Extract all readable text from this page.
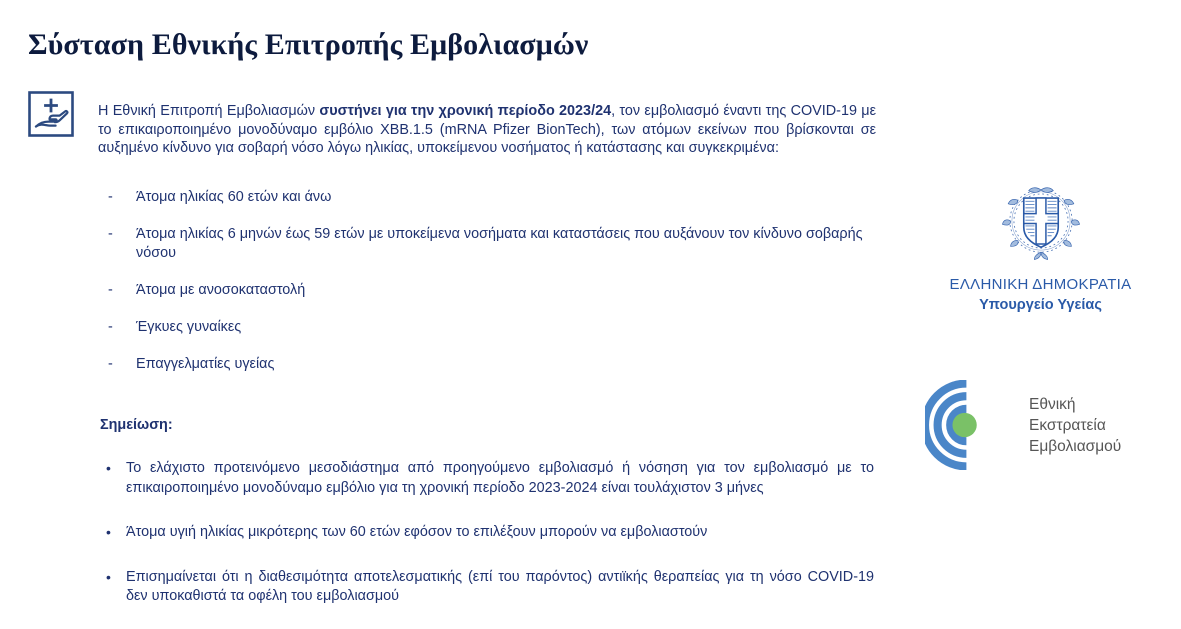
Σύσταση Εθνικής Επιτροπής Εμβολιασμών

Η Εθνική Επιτροπή Εμβολιασμών συστήνει για την χρονική περίοδο 2023/24, τον εμβολιασμό έναντι της COVID-19 με το επικαιροποιημένο μονοδύναμο εμβόλιο XBB.1.5 (mRNA Pfizer BionTech), των ατόμων εκείνων που βρίσκονται σε αυξημένο κίνδυνο για σοβαρή νόσο λόγω ηλικίας, υποκείμενου νοσήματος ή κατάστασης και συγκεκριμένα:

- Άτομα ηλικίας 60 ετών και άνω
- Άτομα ηλικίας 6 μηνών έως 59 ετών με υποκείμενα νοσήματα και καταστάσεις που αυξάνουν τον κίνδυνο σοβαρής νόσου
- Άτομα με ανοσοκαταστολή
- Έγκυες γυναίκες
- Επαγγελματίες υγείας
Σημείωση:
• Το ελάχιστο προτεινόμενο μεσοδιάστημα από προηγούμενο εμβολιασμό ή νόσηση για τον εμβολιασμό με το επικαιροποιημένο μονοδύναμο εμβόλιο για τη χρονική περίοδο 2023-2024 είναι τουλάχιστον 3 μήνες
• Άτομα υγιή ηλικίας μικρότερης των 60 ετών εφόσον το επιλέξουν μπορούν να εμβολιαστούν
• Επισημαίνεται ότι η διαθεσιμότητα αποτελεσματικής (επί του παρόντος) αντιϊκής θεραπείας για τη νόσο COVID-19 δεν υποκαθιστά τα οφέλη του εμβολιασμού
ΕΛΛΗΝΙΚΗ ΔΗΜΟΚΡΑΤΙΑ
Υπουργείο Υγείας
Εθνική
Εκστρατεία
Εμβολιασμού
